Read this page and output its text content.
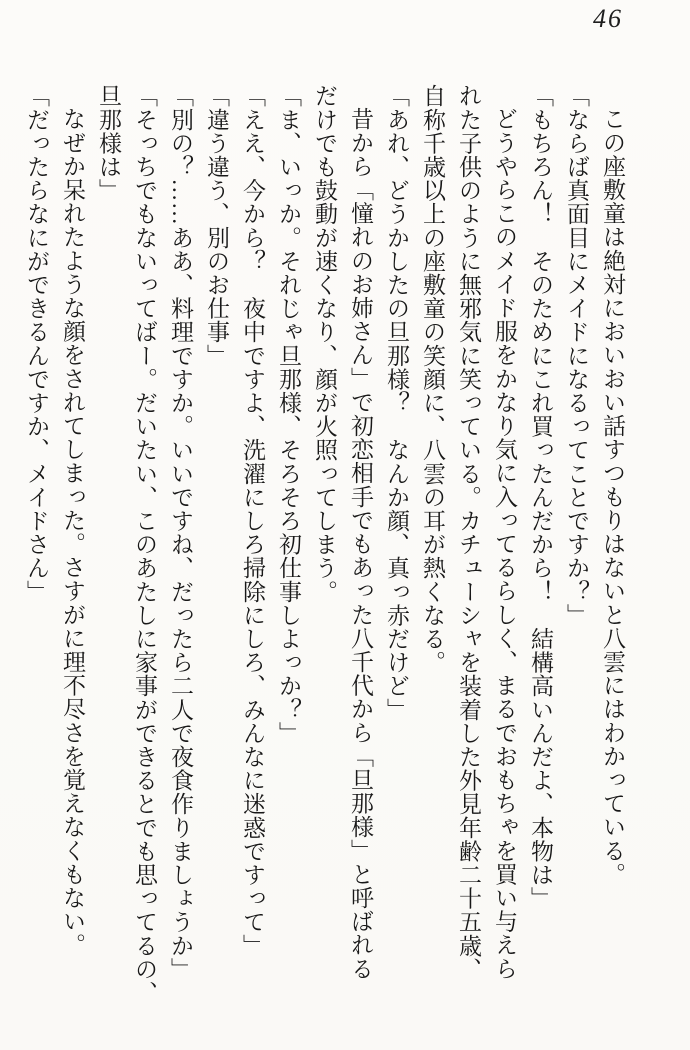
46

この座敷童は絶対においおい話すつもりはないと八雲にはわかっている。

「ならば真面目にメイドになるってことですか？」

「もちろん！　そのためにこれ買ったんだから！　結構高いんだよ、本物は」

どうやらこのメイド服をかなり気に入ってるらしく、まるでおもちゃを買い与えら

れた子供のように無邪気に笑っている。カチューシャを装着した外見年齢二十五歳、

自称千歳以上の座敷童の笑顔に、八雲の耳が熱くなる。

「あれ、どうかしたの旦那様？　なんか顔、真っ赤だけど」

昔から「憧れのお姉さん」で初恋相手でもあった八千代から「旦那様」と呼ばれる

だけでも鼓動が速くなり、顔が火照ってしまう。

「ま、いっか。それじゃ旦那様、そろそろ初仕事しよっか？」

「ええ、今から？　夜中ですよ、洗濯にしろ掃除にしろ、みんなに迷惑ですって」

「違う違う、別のお仕事」

「別の？……ああ、料理ですか。いいですね、だったら二人で夜食作りましょうか」

「そっちでもないってばー。だいたい、このあたしに家事ができるとでも思ってるの、

旦那様は」

なぜか呆れたような顔をされてしまった。さすがに理不尽さを覚えなくもない。

「だったらなにができるんですか、メイドさん」
